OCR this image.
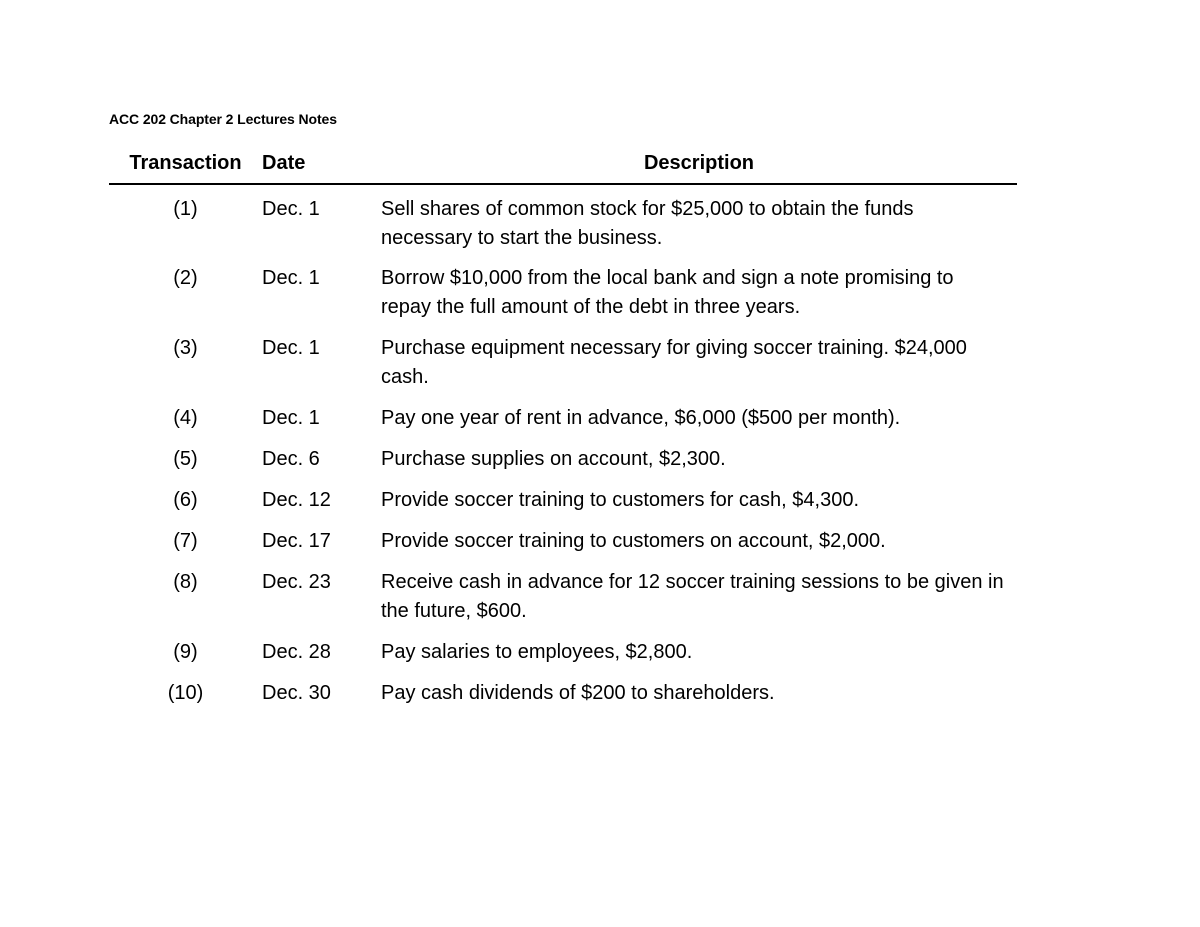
ACC 202 Chapter 2 Lectures Notes
Transaction	Date	Description
(1)	Dec. 1	Sell shares of common stock for $25,000 to obtain the funds necessary to start the business.
(2)	Dec. 1	Borrow $10,000 from the local bank and sign a note promising to repay the full amount of the debt in three years.
(3)	Dec. 1	Purchase equipment necessary for giving soccer training. $24,000 cash.
(4)	Dec. 1	Pay one year of rent in advance, $6,000 ($500 per month).
(5)	Dec. 6	Purchase supplies on account, $2,300.
(6)	Dec. 12	Provide soccer training to customers for cash, $4,300.
(7)	Dec. 17	Provide soccer training to customers on account, $2,000.
(8)	Dec. 23	Receive cash in advance for 12 soccer training sessions to be given in the future, $600.
(9)	Dec. 28	Pay salaries to employees, $2,800.
(10)	Dec. 30	Pay cash dividends of $200 to shareholders.
